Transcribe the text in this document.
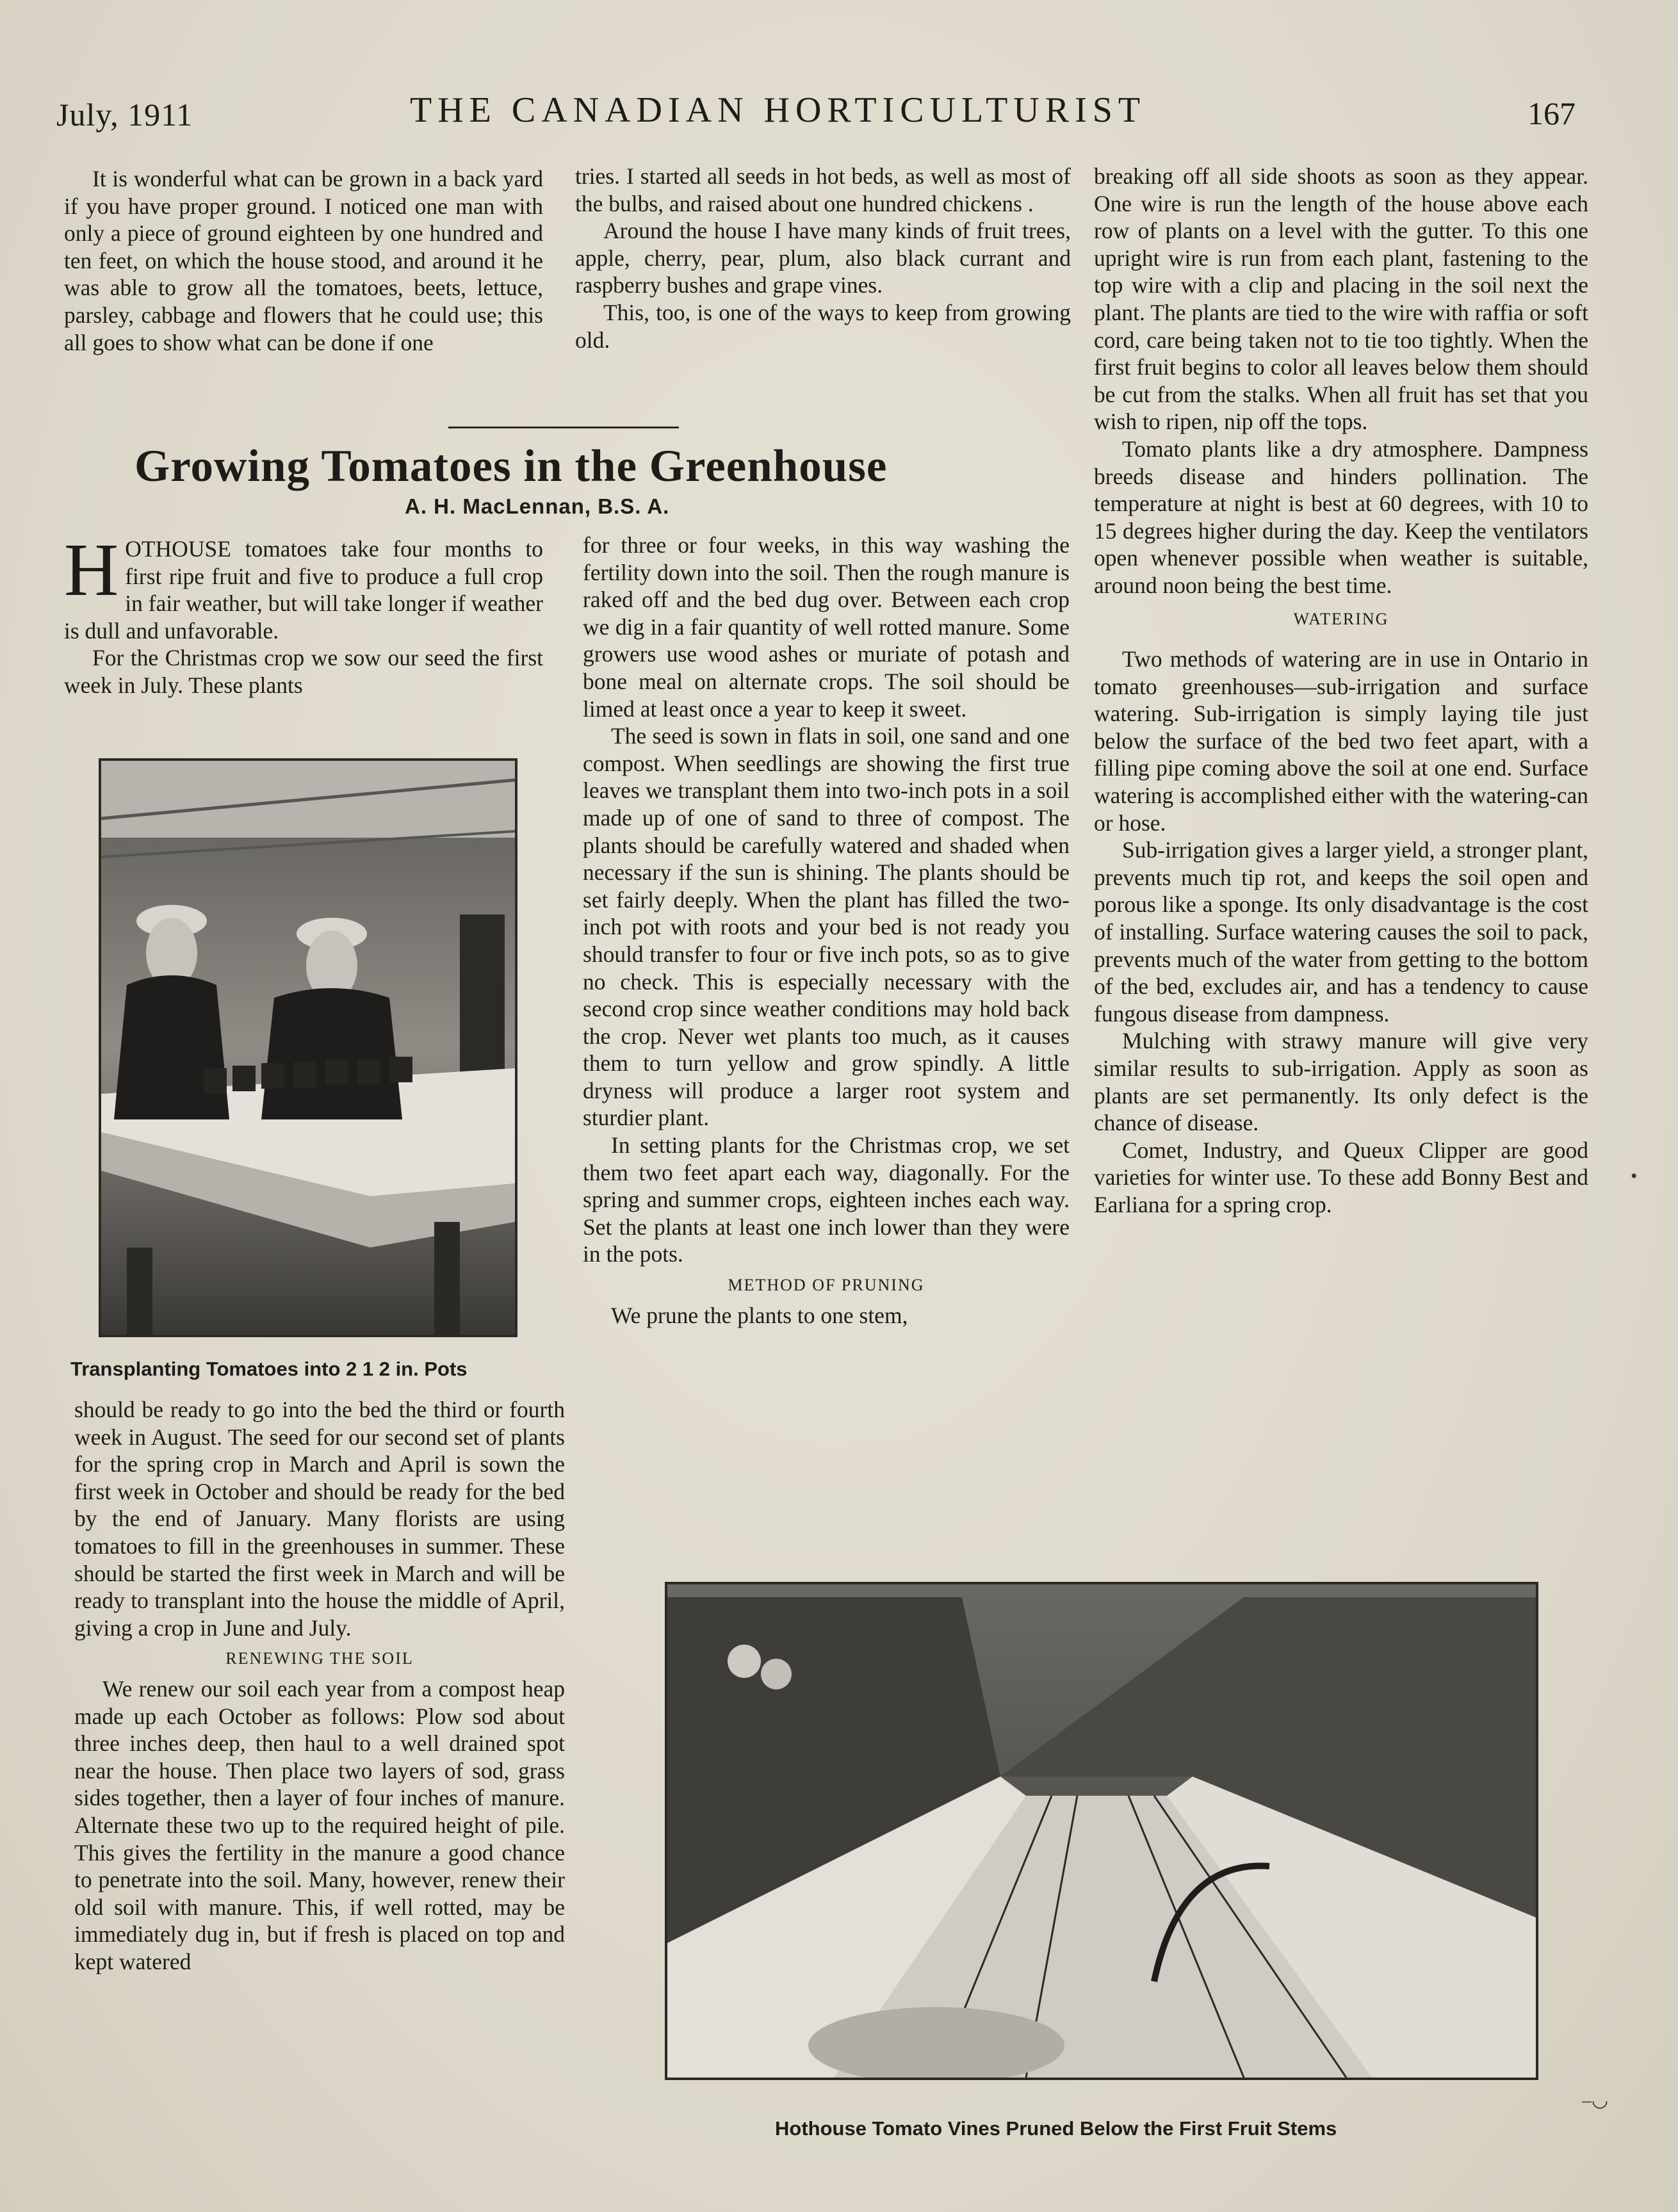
July, 1911	THE CANADIAN HORTICULTURIST	167

It is wonderful what can be grown in a back yard if you have proper ground. I noticed one man with only a piece of ground eighteen by one hundred and ten feet, on which the house stood, and around it he was able to grow all the tomatoes, beets, lettuce, parsley, cabbage and flowers that he could use; this all goes to show what can be done if one

tries. I started all seeds in hot beds, as well as most of the bulbs, and raised about one hundred chickens .

Around the house I have many kinds of fruit trees, apple, cherry, pear, plum, also black currant and raspberry bushes and grape vines.

This, too, is one of the ways to keep from growing old.

Growing Tomatoes in the Greenhouse
A. H. MacLennan, B.S. A.

HOTHOUSE tomatoes take four months to first ripe fruit and five to produce a full crop in fair weather, but will take longer if weather is dull and unfavorable.

For the Christmas crop we sow our seed the first week in July. These plants

Transplanting Tomatoes into 2 1 2 in. Pots

should be ready to go into the bed the third or fourth week in August. The seed for our second set of plants for the spring crop in March and April is sown the first week in October and should be ready for the bed by the end of January. Many florists are using tomatoes to fill in the greenhouses in summer. These should be started the first week in March and will be ready to transplant into the house the middle of April, giving a crop in June and July.

RENEWING THE SOIL

We renew our soil each year from a compost heap made up each October as follows: Plow sod about three inches deep, then haul to a well drained spot near the house. Then place two layers of sod, grass sides together, then a layer of four inches of manure. Alternate these two up to the required height of pile. This gives the fertility in the manure a good chance to penetrate into the soil. Many, however, renew their old soil with manure. This, if well rotted, may be immediately dug in, but if fresh is placed on top and kept watered

for three or four weeks, in this way washing the fertility down into the soil. Then the rough manure is raked off and the bed dug over. Between each crop we dig in a fair quantity of well rotted manure. Some growers use wood ashes or muriate of potash and bone meal on alternate crops. The soil should be limed at least once a year to keep it sweet.

The seed is sown in flats in soil, one sand and one compost. When seedlings are showing the first true leaves we transplant them into two-inch pots in a soil made up of one of sand to three of compost. The plants should be carefully watered and shaded when necessary if the sun is shining. The plants should be set fairly deeply. When the plant has filled the two-inch pot with roots and your bed is not ready you should transfer to four or five inch pots, so as to give no check. This is especially necessary with the second crop since weather conditions may hold back the crop. Never wet plants too much, as it causes them to turn yellow and grow spindly. A little dryness will produce a larger root system and sturdier plant.

In setting plants for the Christmas crop, we set them two feet apart each way, diagonally. For the spring and summer crops, eighteen inches each way. Set the plants at least one inch lower than they were in the pots.

METHOD OF PRUNING

We prune the plants to one stem,

breaking off all side shoots as soon as they appear. One wire is run the length of the house above each row of plants on a level with the gutter. To this one upright wire is run from each plant, fastening to the top wire with a clip and placing in the soil next the plant. The plants are tied to the wire with raffia or soft cord, care being taken not to tie too tightly. When the first fruit begins to color all leaves below them should be cut from the stalks. When all fruit has set that you wish to ripen, nip off the tops.

Tomato plants like a dry atmosphere. Dampness breeds disease and hinders pollination. The temperature at night is best at 60 degrees, with 10 to 15 degrees higher during the day. Keep the ventilators open whenever possible when weather is suitable, around noon being the best time.

WATERING

Two methods of watering are in use in Ontario in tomato greenhouses—sub-irrigation and surface watering. Sub-irrigation is simply laying tile just below the surface of the bed two feet apart, with a filling pipe coming above the soil at one end. Surface watering is accomplished either with the watering-can or hose.

Sub-irrigation gives a larger yield, a stronger plant, prevents much tip rot, and keeps the soil open and porous like a sponge. Its only disadvantage is the cost of installing. Surface watering causes the soil to pack, prevents much of the water from getting to the bottom of the bed, excludes air, and has a tendency to cause fungous disease from dampness.

Mulching with strawy manure will give very similar results to sub-irrigation. Apply as soon as plants are set permanently. Its only defect is the chance of disease.

Comet, Industry, and Queux Clipper are good varieties for winter use. To these add Bonny Best and Earliana for a spring crop.

Hothouse Tomato Vines Pruned Below the First Fruit Stems
•
–◡
